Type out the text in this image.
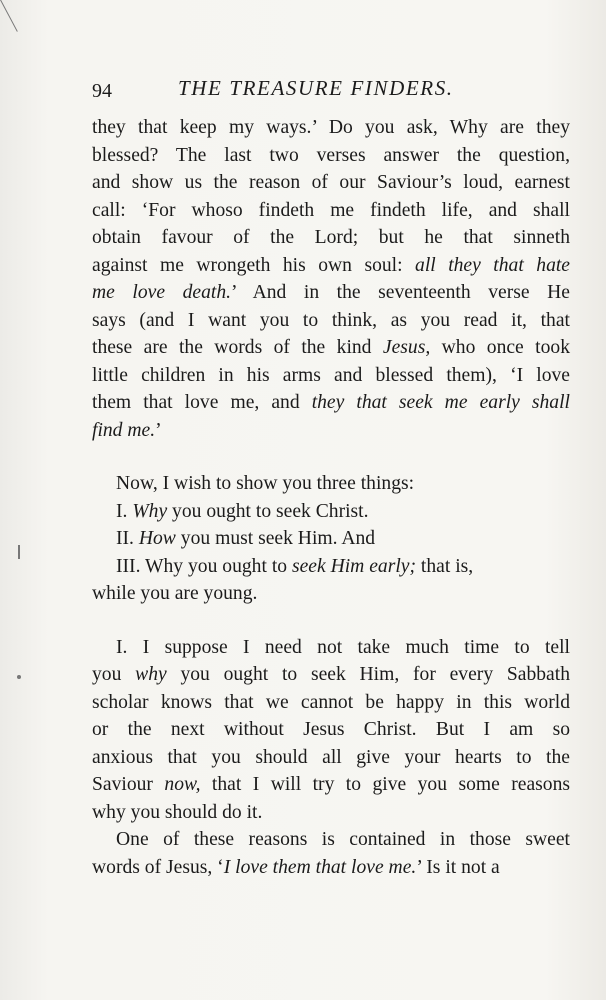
94	THE TREASURE FINDERS.
they that keep my ways.’ Do you ask, Why are they
blessed? The last two verses answer the question,
and show us the reason of our Saviour’s loud, earnest
call: ‘For whoso findeth me findeth life, and shall
obtain favour of the Lord; but he that sinneth
against me wrongeth his own soul: all they that hate
me love death.’ And in the seventeenth verse He
says (and I want you to think, as you read it, that
these are the words of the kind Jesus, who once took
little children in his arms and blessed them), ‘I love
them that love me, and they that seek me early shall
find me.’
Now, I wish to show you three things:
I. Why you ought to seek Christ.
II. How you must seek Him. And
III. Why you ought to seek Him early; that is,
while you are young.
I. I suppose I need not take much time to tell
you why you ought to seek Him, for every Sabbath
scholar knows that we cannot be happy in this world
or the next without Jesus Christ. But I am so
anxious that you should all give your hearts to the
Saviour now, that I will try to give you some reasons
why you should do it.
One of these reasons is contained in those sweet
words of Jesus, ‘I love them that love me.’ Is it not a
